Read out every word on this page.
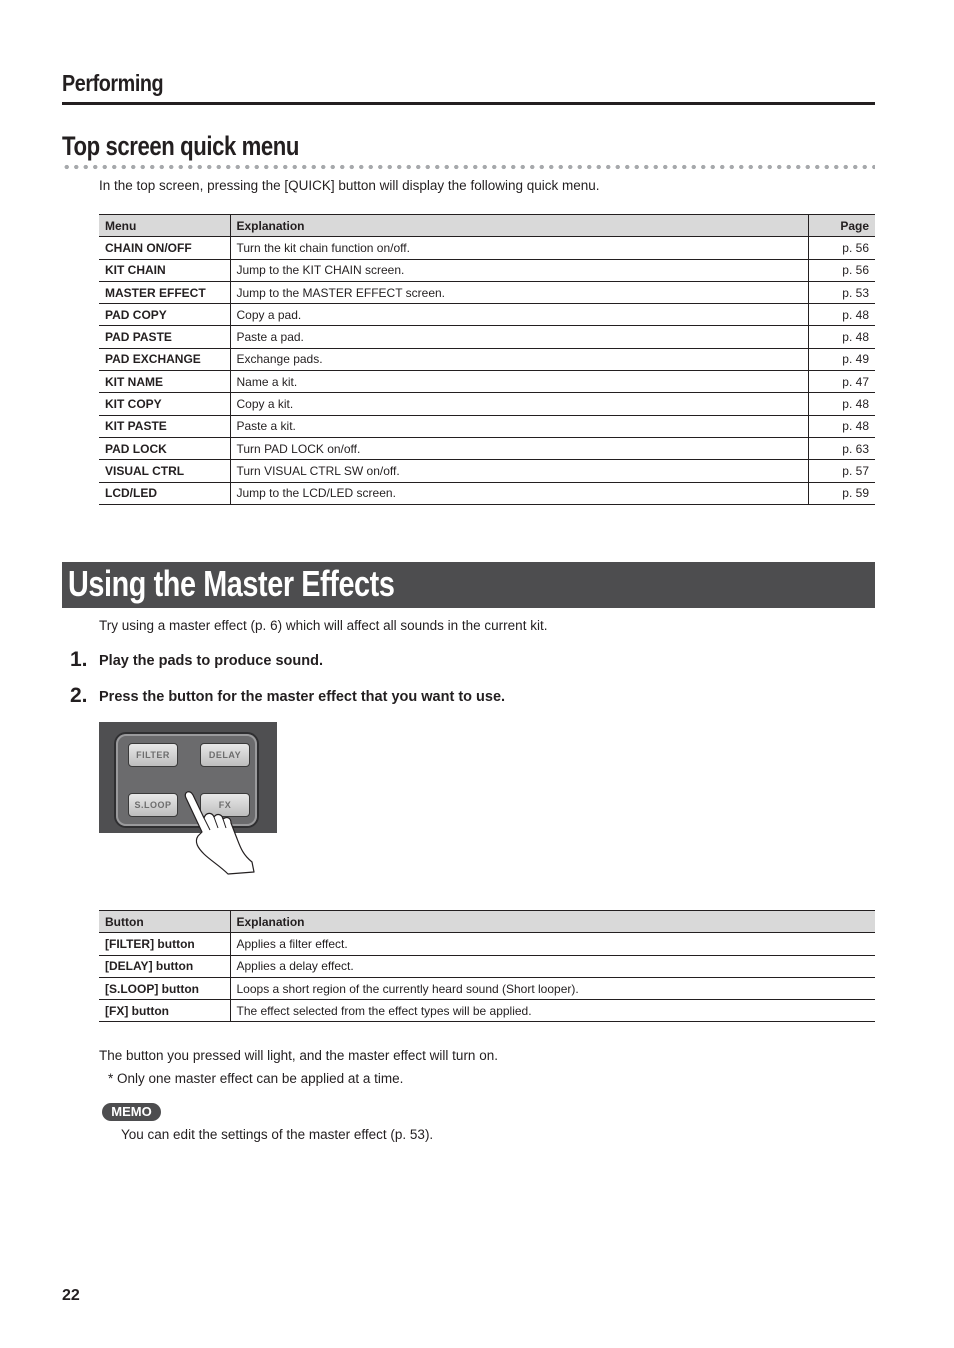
Performing
Top screen quick menu
In the top screen, pressing the [QUICK] button will display the following quick menu.
Menu	Explanation	Page
CHAIN ON/OFF	Turn the kit chain function on/off.	p. 56
KIT CHAIN	Jump to the KIT CHAIN screen.	p. 56
MASTER EFFECT	Jump to the MASTER EFFECT screen.	p. 53
PAD COPY	Copy a pad.	p. 48
PAD PASTE	Paste a pad.	p. 48
PAD EXCHANGE	Exchange pads.	p. 49
KIT NAME	Name a kit.	p. 47
KIT COPY	Copy a kit.	p. 48
KIT PASTE	Paste a kit.	p. 48
PAD LOCK	Turn PAD LOCK on/off.	p. 63
VISUAL CTRL	Turn VISUAL CTRL SW on/off.	p. 57
LCD/LED	Jump to the LCD/LED screen.	p. 59
Using the Master Effects
Try using a master effect (p. 6) which will affect all sounds in the current kit.
1. Play the pads to produce sound.
2. Press the button for the master effect that you want to use.
FILTER	DELAY
S.LOOP	FX
Button	Explanation
[FILTER] button	Applies a filter effect.
[DELAY] button	Applies a delay effect.
[S.LOOP] button	Loops a short region of the currently heard sound (Short looper).
[FX] button	The effect selected from the effect types will be applied.
The button you pressed will light, and the master effect will turn on.
* Only one master effect can be applied at a time.
MEMO
You can edit the settings of the master effect (p. 53).
22
